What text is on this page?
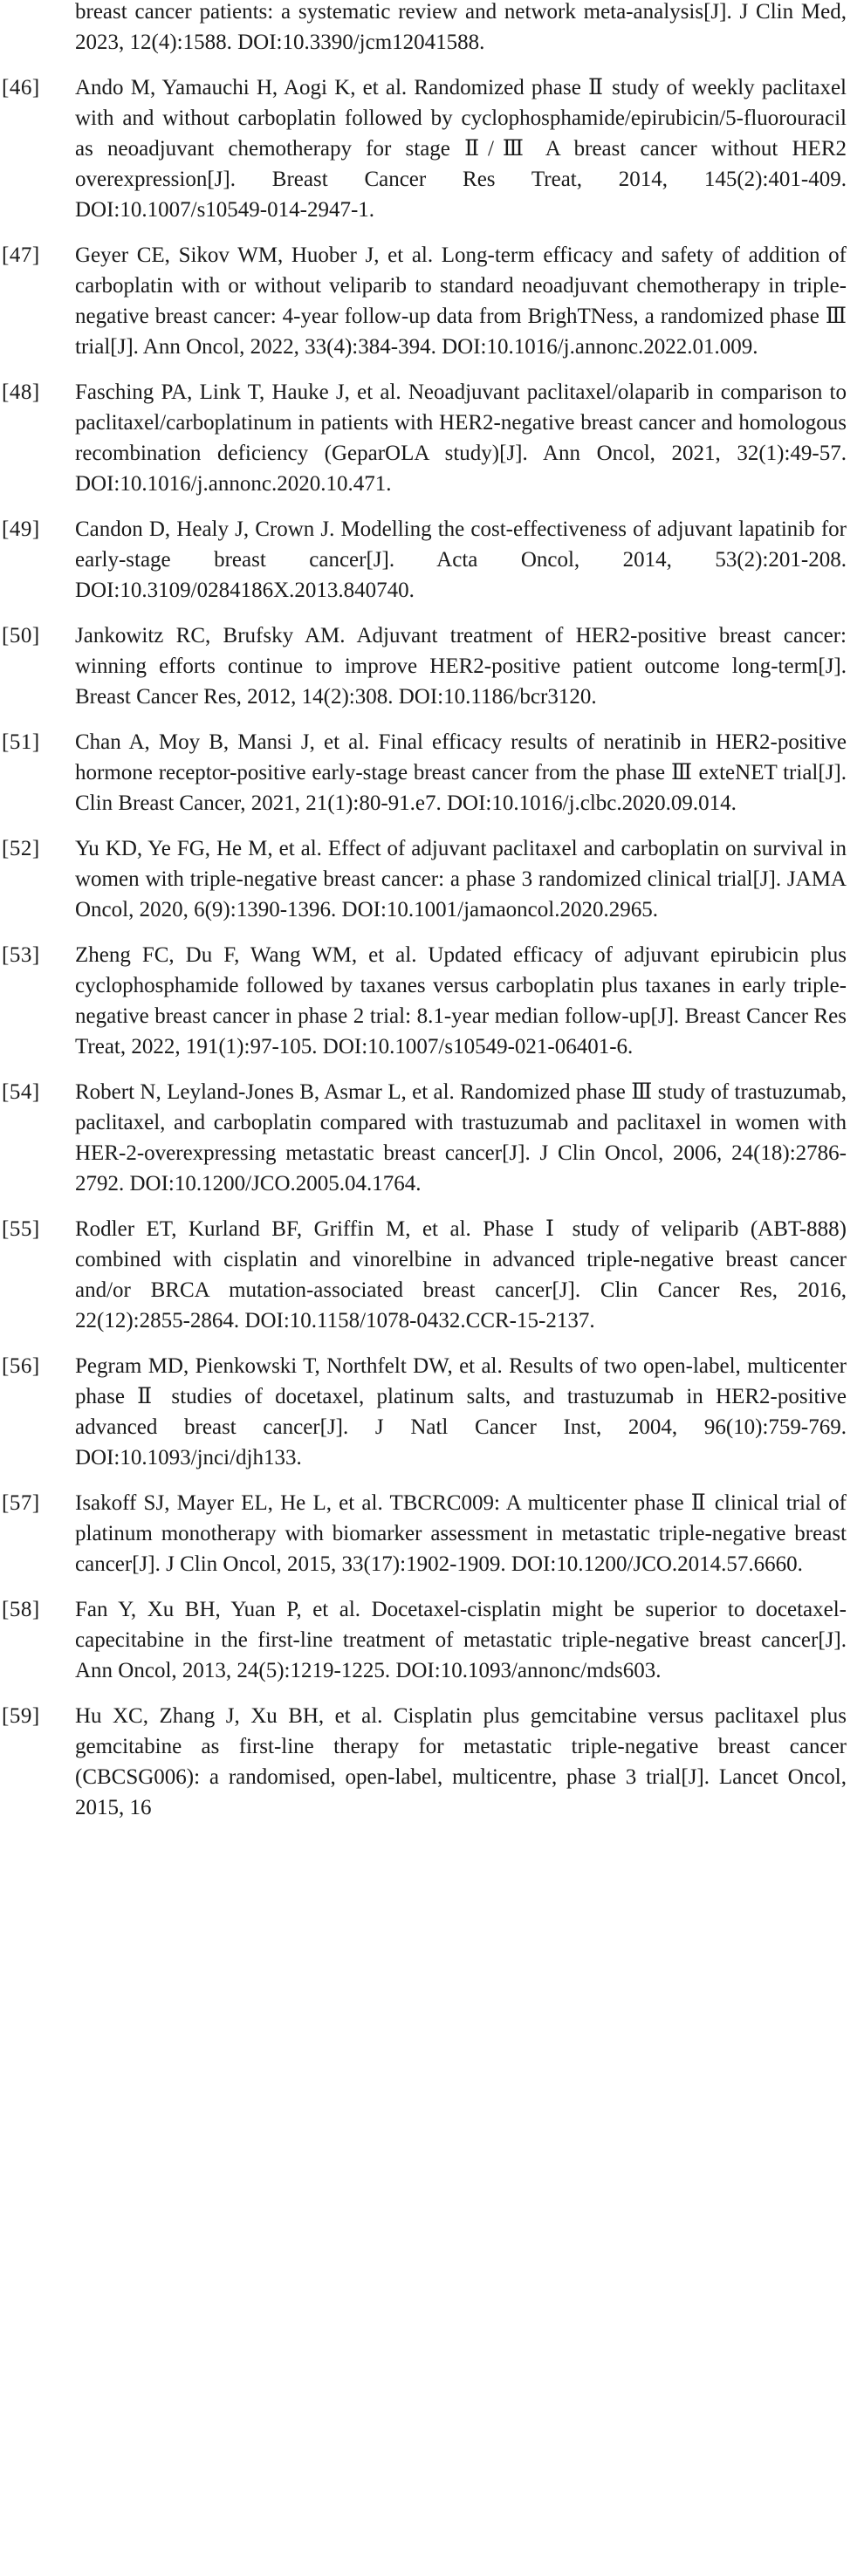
breast cancer patients: a systematic review and network meta-analysis[J]. J Clin Med, 2023, 12(4):1588. DOI:10.3390/jcm12041588.
[46] Ando M, Yamauchi H, Aogi K, et al. Randomized phase Ⅱ study of weekly paclitaxel with and without carboplatin followed by cyclophosphamide/epirubicin/5-fluorouracil as neoadjuvant chemotherapy for stage Ⅱ/Ⅲ A breast cancer without HER2 overexpression[J]. Breast Cancer Res Treat, 2014, 145(2):401-409. DOI:10.1007/s10549-014-2947-1.
[47] Geyer CE, Sikov WM, Huober J, et al. Long-term efficacy and safety of addition of carboplatin with or without veliparib to standard neoadjuvant chemotherapy in triple-negative breast cancer: 4-year follow-up data from BrighTNess, a randomized phase Ⅲ trial[J]. Ann Oncol, 2022, 33(4):384-394. DOI:10.1016/j.annonc.2022.01.009.
[48] Fasching PA, Link T, Hauke J, et al. Neoadjuvant paclitaxel/olaparib in comparison to paclitaxel/carboplatinum in patients with HER2-negative breast cancer and homologous recombination deficiency (GeparOLA study)[J]. Ann Oncol, 2021, 32(1):49-57. DOI:10.1016/j.annonc.2020.10.471.
[49] Candon D, Healy J, Crown J. Modelling the cost-effectiveness of adjuvant lapatinib for early-stage breast cancer[J]. Acta Oncol, 2014, 53(2):201-208. DOI:10.3109/0284186X.2013.840740.
[50] Jankowitz RC, Brufsky AM. Adjuvant treatment of HER2-positive breast cancer: winning efforts continue to improve HER2-positive patient outcome long-term[J]. Breast Cancer Res, 2012, 14(2):308. DOI:10.1186/bcr3120.
[51] Chan A, Moy B, Mansi J, et al. Final efficacy results of neratinib in HER2-positive hormone receptor-positive early-stage breast cancer from the phase Ⅲ exteNET trial[J]. Clin Breast Cancer, 2021, 21(1):80-91.e7. DOI:10.1016/j.clbc.2020.09.014.
[52] Yu KD, Ye FG, He M, et al. Effect of adjuvant paclitaxel and carboplatin on survival in women with triple-negative breast cancer: a phase 3 randomized clinical trial[J]. JAMA Oncol, 2020, 6(9):1390-1396. DOI:10.1001/jamaoncol.2020.2965.
[53] Zheng FC, Du F, Wang WM, et al. Updated efficacy of adjuvant epirubicin plus cyclophosphamide followed by taxanes versus carboplatin plus taxanes in early triple-negative breast cancer in phase 2 trial: 8.1-year median follow-up[J]. Breast Cancer Res Treat, 2022, 191(1):97-105. DOI:10.1007/s10549-021-06401-6.
[54] Robert N, Leyland-Jones B, Asmar L, et al. Randomized phase Ⅲ study of trastuzumab, paclitaxel, and carboplatin compared with trastuzumab and paclitaxel in women with HER-2-overexpressing metastatic breast cancer[J]. J Clin Oncol, 2006, 24(18):2786-2792. DOI:10.1200/JCO.2005.04.1764.
[55] Rodler ET, Kurland BF, Griffin M, et al. Phase Ⅰ study of veliparib (ABT-888) combined with cisplatin and vinorelbine in advanced triple-negative breast cancer and/or BRCA mutation-associated breast cancer[J]. Clin Cancer Res, 2016, 22(12):2855-2864. DOI:10.1158/1078-0432.CCR-15-2137.
[56] Pegram MD, Pienkowski T, Northfelt DW, et al. Results of two open-label, multicenter phase Ⅱ studies of docetaxel, platinum salts, and trastuzumab in HER2-positive advanced breast cancer[J]. J Natl Cancer Inst, 2004, 96(10):759-769. DOI:10.1093/jnci/djh133.
[57] Isakoff SJ, Mayer EL, He L, et al. TBCRC009: A multicenter phase Ⅱ clinical trial of platinum monotherapy with biomarker assessment in metastatic triple-negative breast cancer[J]. J Clin Oncol, 2015, 33(17):1902-1909. DOI:10.1200/JCO.2014.57.6660.
[58] Fan Y, Xu BH, Yuan P, et al. Docetaxel-cisplatin might be superior to docetaxel-capecitabine in the first-line treatment of metastatic triple-negative breast cancer[J]. Ann Oncol, 2013, 24(5):1219-1225. DOI:10.1093/annonc/mds603.
[59] Hu XC, Zhang J, Xu BH, et al. Cisplatin plus gemcitabine versus paclitaxel plus gemcitabine as first-line therapy for metastatic triple-negative breast cancer (CBCSG006): a randomised, open-label, multicentre, phase 3 trial[J]. Lancet Oncol, 2015, 16
